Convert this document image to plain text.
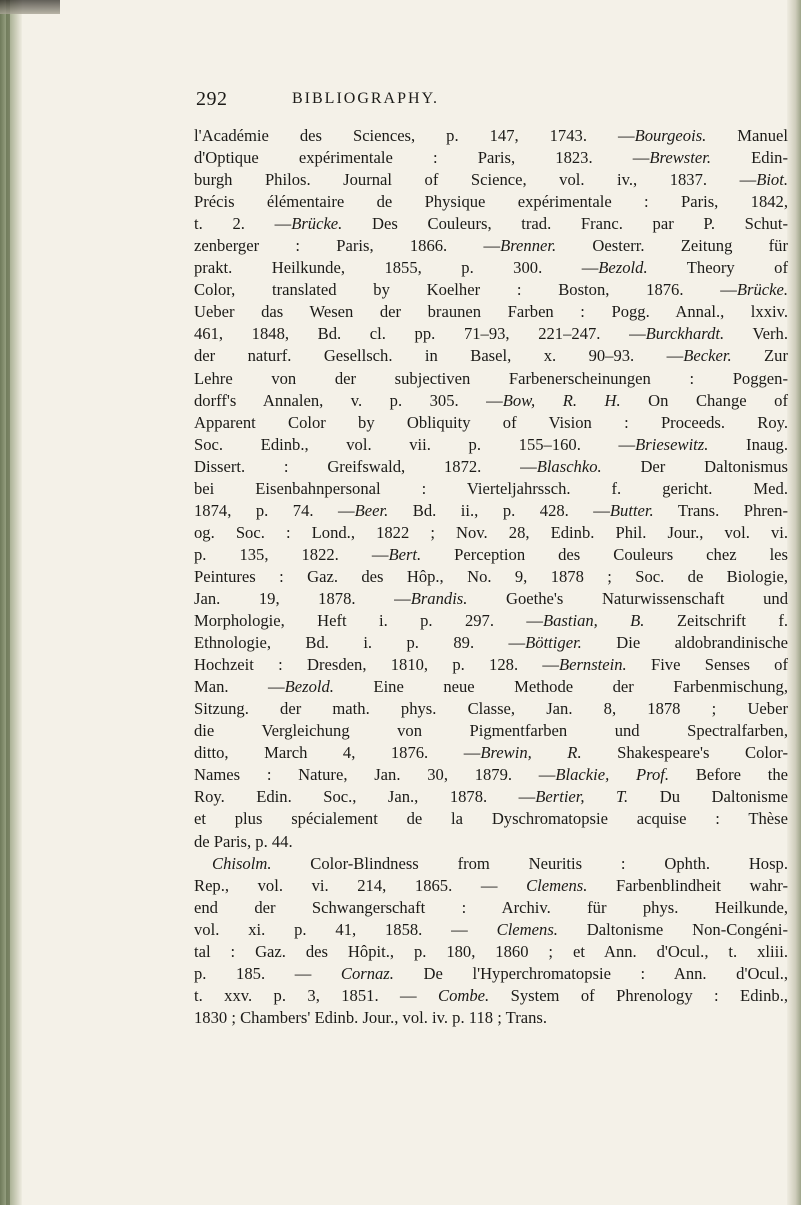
292	BIBLIOGRAPHY.
l'Académie des Sciences, p. 147, 1743. —Bourgeois. Manuel
d'Optique expérimentale : Paris, 1823. —Brewster. Edin-
burgh Philos. Journal of Science, vol. iv., 1837. —Biot.
Précis élémentaire de Physique expérimentale : Paris, 1842,
t. 2. —Brücke. Des Couleurs, trad. Franc. par P. Schut-
zenberger : Paris, 1866. —Brenner. Oesterr. Zeitung für
prakt. Heilkunde, 1855, p. 300. —Bezold. Theory of
Color, translated by Koelher : Boston, 1876. —Brücke.
Ueber das Wesen der braunen Farben : Pogg. Annal., lxxiv.
461, 1848, Bd. cl. pp. 71–93, 221–247. —Burckhardt. Verh.
der naturf. Gesellsch. in Basel, x. 90–93. —Becker. Zur
Lehre von der subjectiven Farbenerscheinungen : Poggen-
dorff's Annalen, v. p. 305. —Bow, R. H. On Change of
Apparent Color by Obliquity of Vision : Proceeds. Roy.
Soc. Edinb., vol. vii. p. 155–160. —Briesewitz. Inaug.
Dissert. : Greifswald, 1872. —Blaschko. Der Daltonismus
bei Eisenbahnpersonal : Vierteljahrssch. f. gericht. Med.
1874, p. 74. —Beer. Bd. ii., p. 428. —Butter. Trans. Phren-
og. Soc. : Lond., 1822 ; Nov. 28, Edinb. Phil. Jour., vol. vi.
p. 135, 1822. —Bert. Perception des Couleurs chez les
Peintures : Gaz. des Hôp., No. 9, 1878 ; Soc. de Biologie,
Jan. 19, 1878. —Brandis. Goethe's Naturwissenschaft und
Morphologie, Heft i. p. 297. —Bastian, B. Zeitschrift f.
Ethnologie, Bd. i. p. 89. —Böttiger. Die aldobrandinische
Hochzeit : Dresden, 1810, p. 128. —Bernstein. Five Senses of
Man. —Bezold. Eine neue Methode der Farbenmischung,
Sitzung. der math. phys. Classe, Jan. 8, 1878 ; Ueber
die Vergleichung von Pigmentfarben und Spectralfarben,
ditto, March 4, 1876. —Brewin, R. Shakespeare's Color-
Names : Nature, Jan. 30, 1879. —Blackie, Prof. Before the
Roy. Edin. Soc., Jan., 1878. —Bertier, T. Du Daltonisme
et plus spécialement de la Dyschromatopsie acquise : Thèse
de Paris, p. 44.
Chisolm. Color-Blindness from Neuritis : Ophth. Hosp.
Rep., vol. vi. 214, 1865. — Clemens. Farbenblindheit wahr-
end der Schwangerschaft : Archiv. für phys. Heilkunde,
vol. xi. p. 41, 1858. — Clemens. Daltonisme Non-Congéni-
tal : Gaz. des Hôpit., p. 180, 1860 ; et Ann. d'Ocul., t. xliii.
p. 185. — Cornaz. De l'Hyperchromatopsie : Ann. d'Ocul.,
t. xxv. p. 3, 1851. — Combe. System of Phrenology : Edinb.,
1830 ; Chambers' Edinb. Jour., vol. iv. p. 118 ; Trans.
